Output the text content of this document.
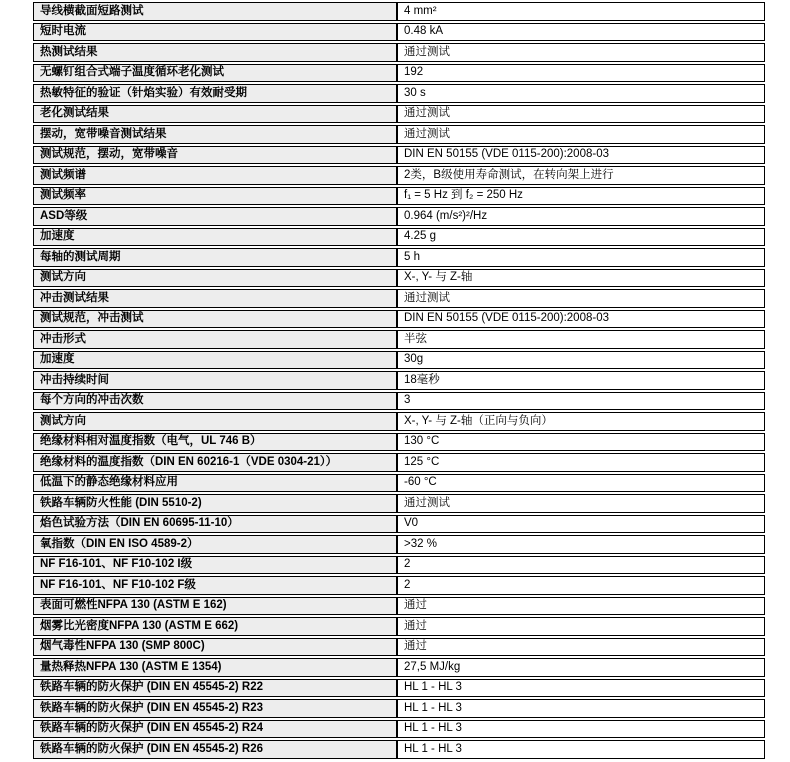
导线横截面短路测试	4 mm²
短时电流	0.48 kA
热测试结果	通过测试
无螺钉组合式端子温度循环老化测试	192
热敏特征的验证（针焰实验）有效耐受期	30 s
老化测试结果	通过测试
摆动，宽带噪音测试结果	通过测试
测试规范，摆动，宽带噪音	DIN EN 50155 (VDE 0115-200):2008-03
测试频谱	2类，B级使用寿命测试，在转向架上进行
测试频率	f₁ = 5 Hz 到 f₂ = 250 Hz
ASD等级	0.964 (m/s²)²/Hz
加速度	4.25 g
每轴的测试周期	5 h
测试方向	X-, Y- 与 Z-轴
冲击测试结果	通过测试
测试规范，冲击测试	DIN EN 50155 (VDE 0115-200):2008-03
冲击形式	半弦
加速度	30g
冲击持续时间	18毫秒
每个方向的冲击次数	3
测试方向	X-, Y- 与 Z-轴（正向与负向）
绝缘材料相对温度指数（电气，UL 746 B）	130 °C
绝缘材料的温度指数（DIN EN 60216-1（VDE 0304-21））	125 °C
低温下的静态绝缘材料应用	-60 °C
铁路车辆防火性能 (DIN 5510-2)	通过测试
焰色试验方法（DIN EN 60695-11-10）	V0
氧指数（DIN EN ISO 4589-2）	>32 %
NF F16-101、NF F10-102 I级	2
NF F16-101、NF F10-102 F级	2
表面可燃性NFPA 130 (ASTM E 162)	通过
烟雾比光密度NFPA 130 (ASTM E 662)	通过
烟气毒性NFPA 130 (SMP 800C)	通过
量热释热NFPA 130 (ASTM E 1354)	27,5 MJ/kg
铁路车辆的防火保护 (DIN EN 45545-2) R22	HL 1 - HL 3
铁路车辆的防火保护 (DIN EN 45545-2) R23	HL 1 - HL 3
铁路车辆的防火保护 (DIN EN 45545-2) R24	HL 1 - HL 3
铁路车辆的防火保护 (DIN EN 45545-2) R26	HL 1 - HL 3
